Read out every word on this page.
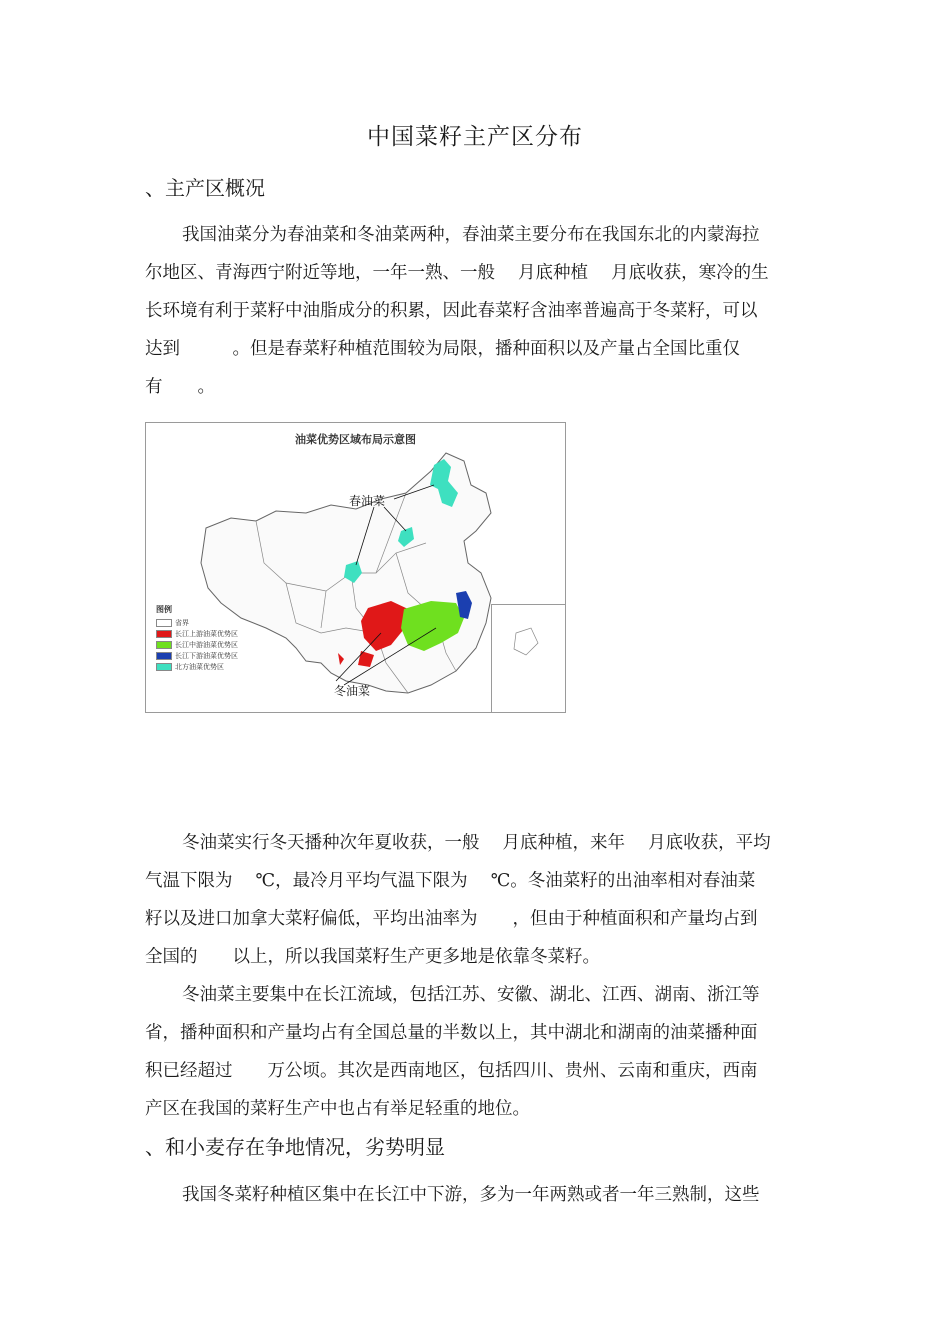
中国菜籽主产区分布
、主产区概况
我国油菜分为春油菜和冬油菜两种，春油菜主要分布在我国东北的内蒙海拉
尔地区、青海西宁附近等地，一年一熟、一般　 月底种植　 月底收获，寒冷的生
长环境有利于菜籽中油脂成分的积累，因此春菜籽含油率普遍高于冬菜籽，可以
达到　　　。但是春菜籽种植范围较为局限，播种面积以及产量占全国比重仅
有　　。
油菜优势区域布局示意图
春油菜
冬油菜
图例
省界
长江上游油菜优势区
长江中游油菜优势区
长江下游油菜优势区
北方油菜优势区
冬油菜实行冬天播种次年夏收获，一般　 月底种植，来年　 月底收获，平均
气温下限为　 ℃，最冷月平均气温下限为　 ℃。冬油菜籽的出油率相对春油菜
籽以及进口加拿大菜籽偏低，平均出油率为　　，但由于种植面积和产量均占到
全国的　　以上，所以我国菜籽生产更多地是依靠冬菜籽。
冬油菜主要集中在长江流域，包括江苏、安徽、湖北、江西、湖南、浙江等
省，播种面积和产量均占有全国总量的半数以上，其中湖北和湖南的油菜播种面
积已经超过　　万公顷。其次是西南地区，包括四川、贵州、云南和重庆，西南
产区在我国的菜籽生产中也占有举足轻重的地位。
、和小麦存在争地情况，劣势明显
我国冬菜籽种植区集中在长江中下游，多为一年两熟或者一年三熟制，这些
